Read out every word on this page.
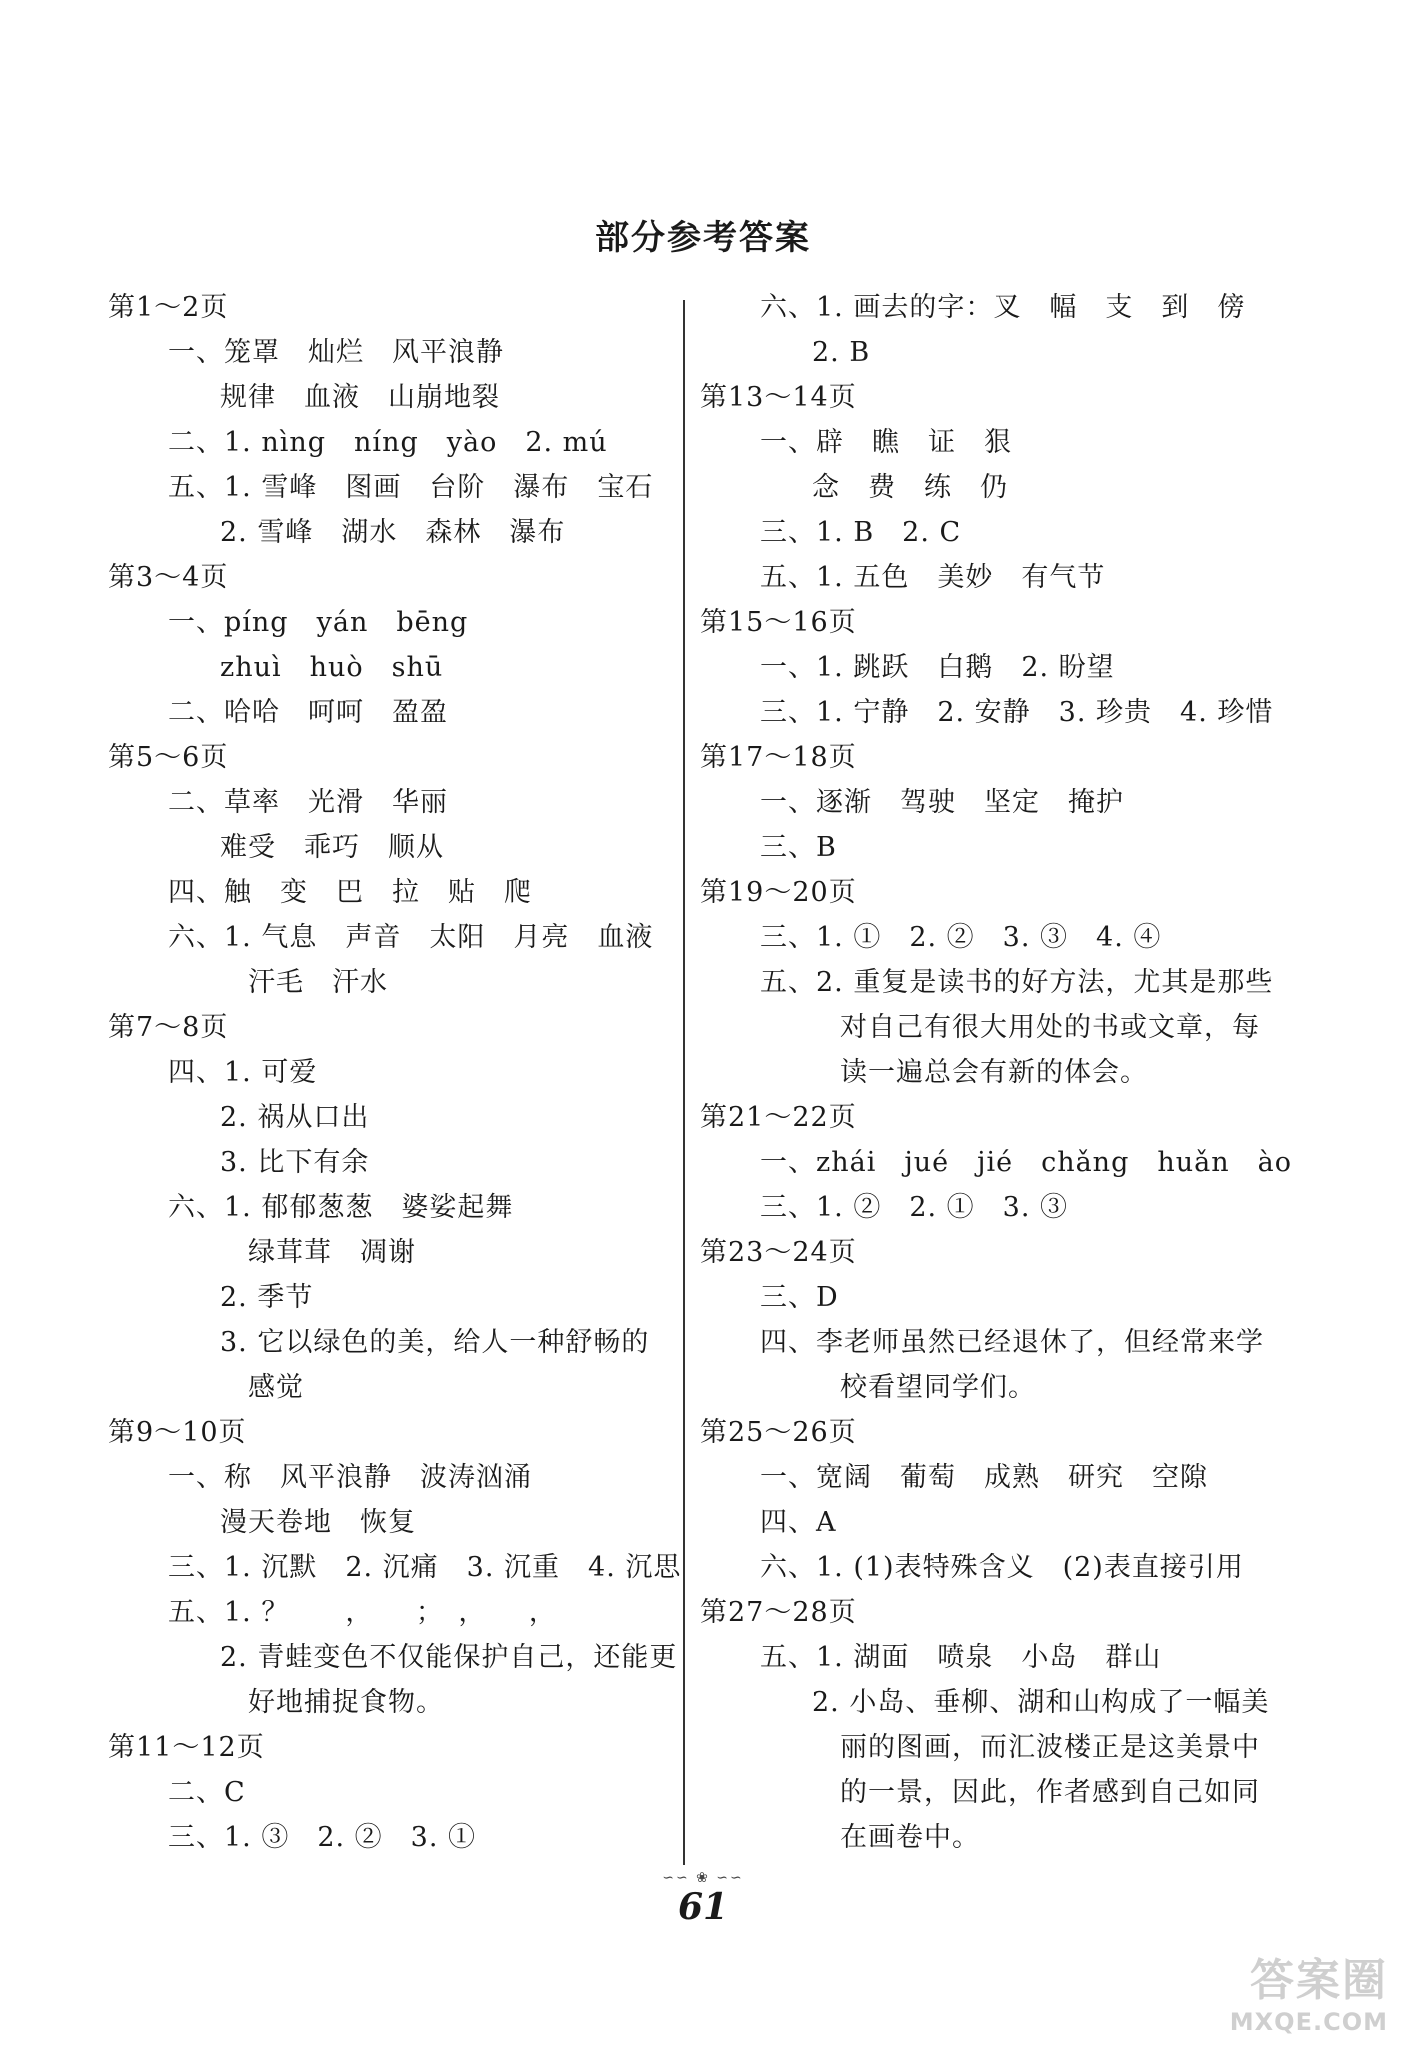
部分参考答案
第1～2页
一、笼罩　灿烂　风平浪静
规律　血液　山崩地裂
二、1. nìng　níng　yào　2. mú
五、1. 雪峰　图画　台阶　瀑布　宝石
2. 雪峰　湖水　森林　瀑布
第3～4页
一、píng　yán　bēng
zhuì　huò　shū
二、哈哈　呵呵　盈盈
第5～6页
二、草率　光滑　华丽
难受　乖巧　顺从
四、触　变　巴　拉　贴　爬
六、1. 气息　声音　太阳　月亮　血液
汗毛　汗水
第7～8页
四、1. 可爱
2. 祸从口出
3. 比下有余
六、1. 郁郁葱葱　婆娑起舞
绿茸茸　凋谢
2. 季节
3. 它以绿色的美，给人一种舒畅的
感觉
第9～10页
一、称　风平浪静　波涛汹涌
漫天卷地　恢复
三、1. 沉默　2. 沉痛　3. 沉重　4. 沉思
五、1. ？　　，　　；　，　　，
2. 青蛙变色不仅能保护自己，还能更
好地捕捉食物。
第11～12页
二、C
三、1. ③　2. ②　3. ①
六、1. 画去的字：叉　幅　支　到　傍
2. B
第13～14页
一、辟　瞧　证　狠
念　费　练　仍
三、1. B　2. C
五、1. 五色　美妙　有气节
第15～16页
一、1. 跳跃　白鹅　2. 盼望
三、1. 宁静　2. 安静　3. 珍贵　4. 珍惜
第17～18页
一、逐渐　驾驶　坚定　掩护
三、B
第19～20页
三、1. ①　2. ②　3. ③　4. ④
五、2. 重复是读书的好方法，尤其是那些
对自己有很大用处的书或文章，每
读一遍总会有新的体会。
第21～22页
一、zhái　jué　jié　chǎng　huǎn　ào
三、1. ②　2. ①　3. ③
第23～24页
三、D
四、李老师虽然已经退休了，但经常来学
校看望同学们。
第25～26页
一、宽阔　葡萄　成熟　研究　空隙
四、A
六、1. (1)表特殊含义　(2)表直接引用
第27～28页
五、1. 湖面　喷泉　小岛　群山
2. 小岛、垂柳、湖和山构成了一幅美
丽的图画，而汇波楼正是这美景中
的一景，因此，作者感到自己如同
在画卷中。
∽∽ ❀ ∽∽
61
答案圈
MXQE.COM
